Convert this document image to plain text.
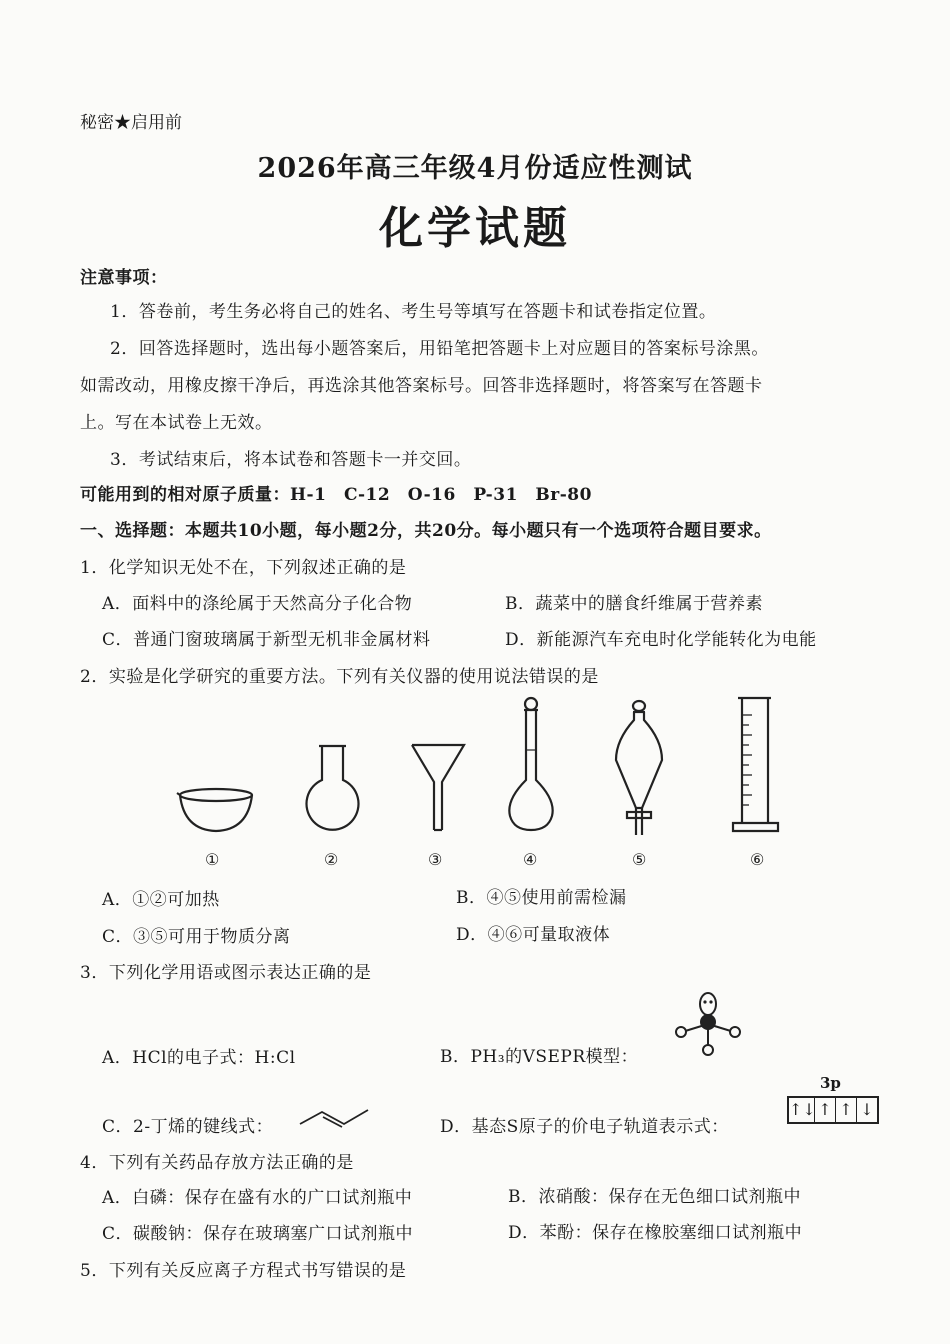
秘密★启用前
2026年高三年级4月份适应性测试
化学试题
注意事项：
1．答卷前，考生务必将自己的姓名、考生号等填写在答题卡和试卷指定位置。
2．回答选择题时，选出每小题答案后，用铅笔把答题卡上对应题目的答案标号涂黑。
如需改动，用橡皮擦干净后，再选涂其他答案标号。回答非选择题时，将答案写在答题卡
上。写在本试卷上无效。
3．考试结束后，将本试卷和答题卡一并交回。
可能用到的相对原子质量：H-1　C-12　O-16　P-31　Br-80
一、选择题：本题共10小题，每小题2分，共20分。每小题只有一个选项符合题目要求。
1．化学知识无处不在，下列叙述正确的是
A．面料中的涤纶属于天然高分子化合物	B．蔬菜中的膳食纤维属于营养素
C．普通门窗玻璃属于新型无机非金属材料	D．新能源汽车充电时化学能转化为电能
2．实验是化学研究的重要方法。下列有关仪器的使用说法错误的是
①	②	③	④	⑤	⑥
A．①②可加热	B．④⑤使用前需检漏
C．③⑤可用于物质分离	D．④⑥可量取液体
3．下列化学用语或图示表达正确的是
A．HCl的电子式：H:Cl	B．PH₃的VSEPR模型：
C．2-丁烯的键线式：	D．基态S原子的价电子轨道表示式：
3p
↑↓ ↑ ↑ ↓
4．下列有关药品存放方法正确的是
A．白磷：保存在盛有水的广口试剂瓶中	B．浓硝酸：保存在无色细口试剂瓶中
C．碳酸钠：保存在玻璃塞广口试剂瓶中	D．苯酚：保存在橡胶塞细口试剂瓶中
5．下列有关反应离子方程式书写错误的是
